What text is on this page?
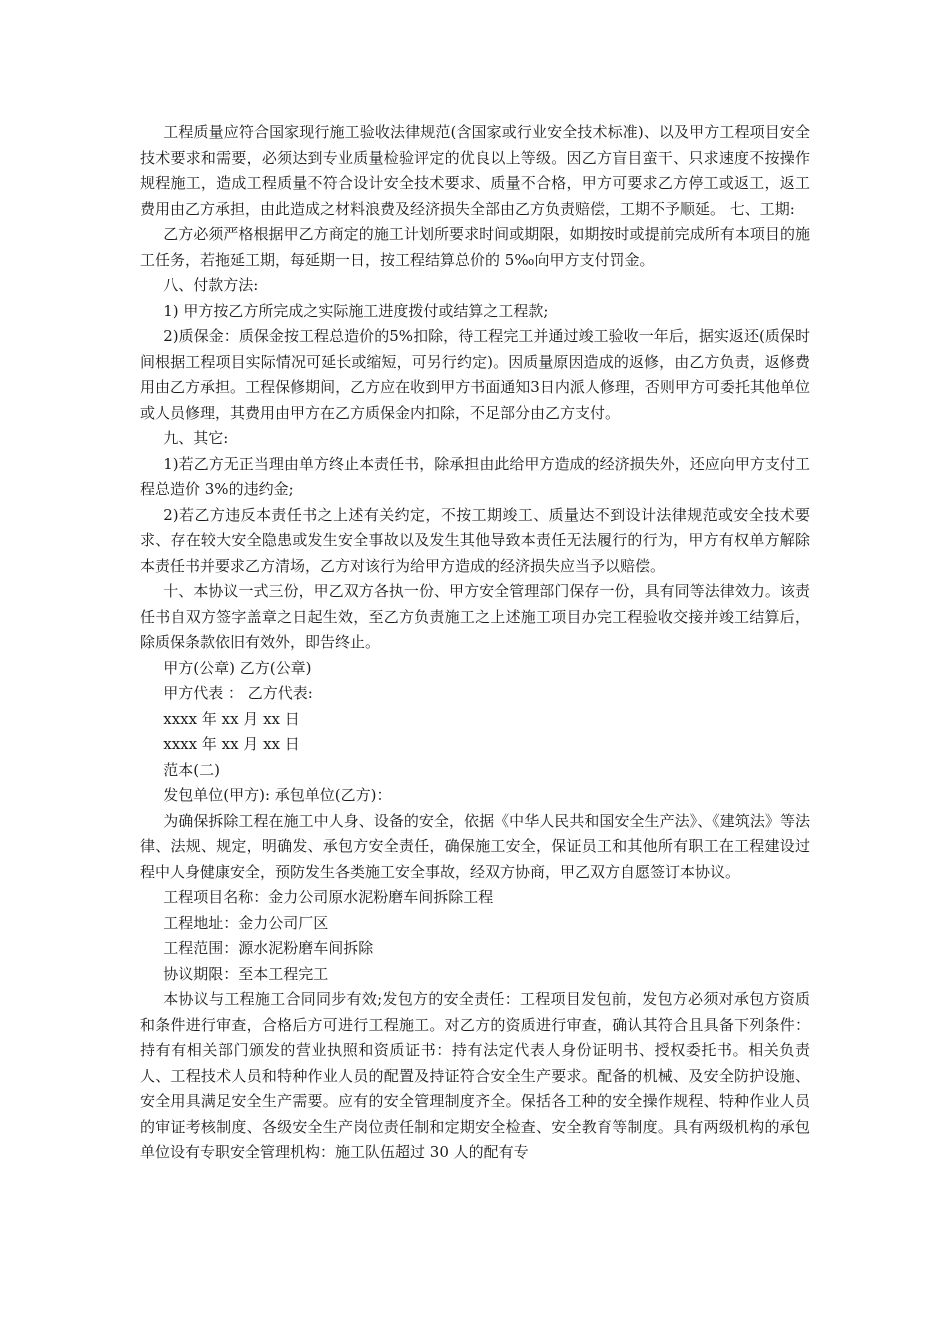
工程质量应符合国家现行施工验收法律规范(含国家或行业安全技术标准)、以及甲方工程项目安全技术要求和需要，必须达到专业质量检验评定的优良以上等级。因乙方盲目蛮干、只求速度不按操作规程施工，造成工程质量不符合设计安全技术要求、质量不合格，甲方可要求乙方停工或返工，返工费用由乙方承担，由此造成之材料浪费及经济损失全部由乙方负责赔偿，工期不予顺延。 七、工期:

乙方必须严格根据甲乙方商定的施工计划所要求时间或期限，如期按时或提前完成所有本项目的施工任务，若拖延工期，每延期一日，按工程结算总价的 5‰向甲方支付罚金。

八、付款方法:

1) 甲方按乙方所完成之实际施工进度拨付或结算之工程款;

2)质保金：质保金按工程总造价的5%扣除，待工程完工并通过竣工验收一年后，据实返还(质保时间根据工程项目实际情况可延长或缩短，可另行约定)。因质量原因造成的返修，由乙方负责，返修费用由乙方承担。工程保修期间，乙方应在收到甲方书面通知3日内派人修理，否则甲方可委托其他单位或人员修理，其费用由甲方在乙方质保金内扣除，不足部分由乙方支付。

九、其它:

1)若乙方无正当理由单方终止本责任书，除承担由此给甲方造成的经济损失外，还应向甲方支付工程总造价 3%的违约金;

2)若乙方违反本责任书之上述有关约定，不按工期竣工、质量达不到设计法律规范或安全技术要求、存在较大安全隐患或发生安全事故以及发生其他导致本责任无法履行的行为，甲方有权单方解除本责任书并要求乙方清场，乙方对该行为给甲方造成的经济损失应当予以赔偿。

十、本协议一式三份，甲乙双方各执一份、甲方安全管理部门保存一份，具有同等法律效力。该责任书自双方签字盖章之日起生效，至乙方负责施工之上述施工项目办完工程验收交接并竣工结算后，除质保条款依旧有效外，即告终止。

甲方(公章) 乙方(公章)

甲方代表 ： 乙方代表:

xxxx 年 xx 月 xx 日

xxxx 年 xx 月 xx 日

范本(二)

发包单位(甲方): 承包单位(乙方)：

为确保拆除工程在施工中人身、设备的安全，依据《中华人民共和国安全生产法》、《建筑法》等法律、法规、规定，明确发、承包方安全责任，确保施工安全，保证员工和其他所有职工在工程建设过程中人身健康安全，预防发生各类施工安全事故，经双方协商，甲乙双方自愿签订本协议。

工程项目名称：金力公司原水泥粉磨车间拆除工程

工程地址：金力公司厂区

工程范围：源水泥粉磨车间拆除

协议期限：至本工程完工

本协议与工程施工合同同步有效;发包方的安全责任：工程项目发包前，发包方必须对承包方资质和条件进行审查，合格后方可进行工程施工。对乙方的资质进行审查，确认其符合且具备下列条件：持有有相关部门颁发的营业执照和资质证书：持有法定代表人身份证明书、授权委托书。相关负责人、工程技术人员和特种作业人员的配置及持证符合安全生产要求。配备的机械、及安全防护设施、安全用具满足安全生产需要。应有的安全管理制度齐全。保括各工种的安全操作规程、特种作业人员的审证考核制度、各级安全生产岗位责任制和定期安全检查、安全教育等制度。具有两级机构的承包单位设有专职安全管理机构：施工队伍超过 30 人的配有专
